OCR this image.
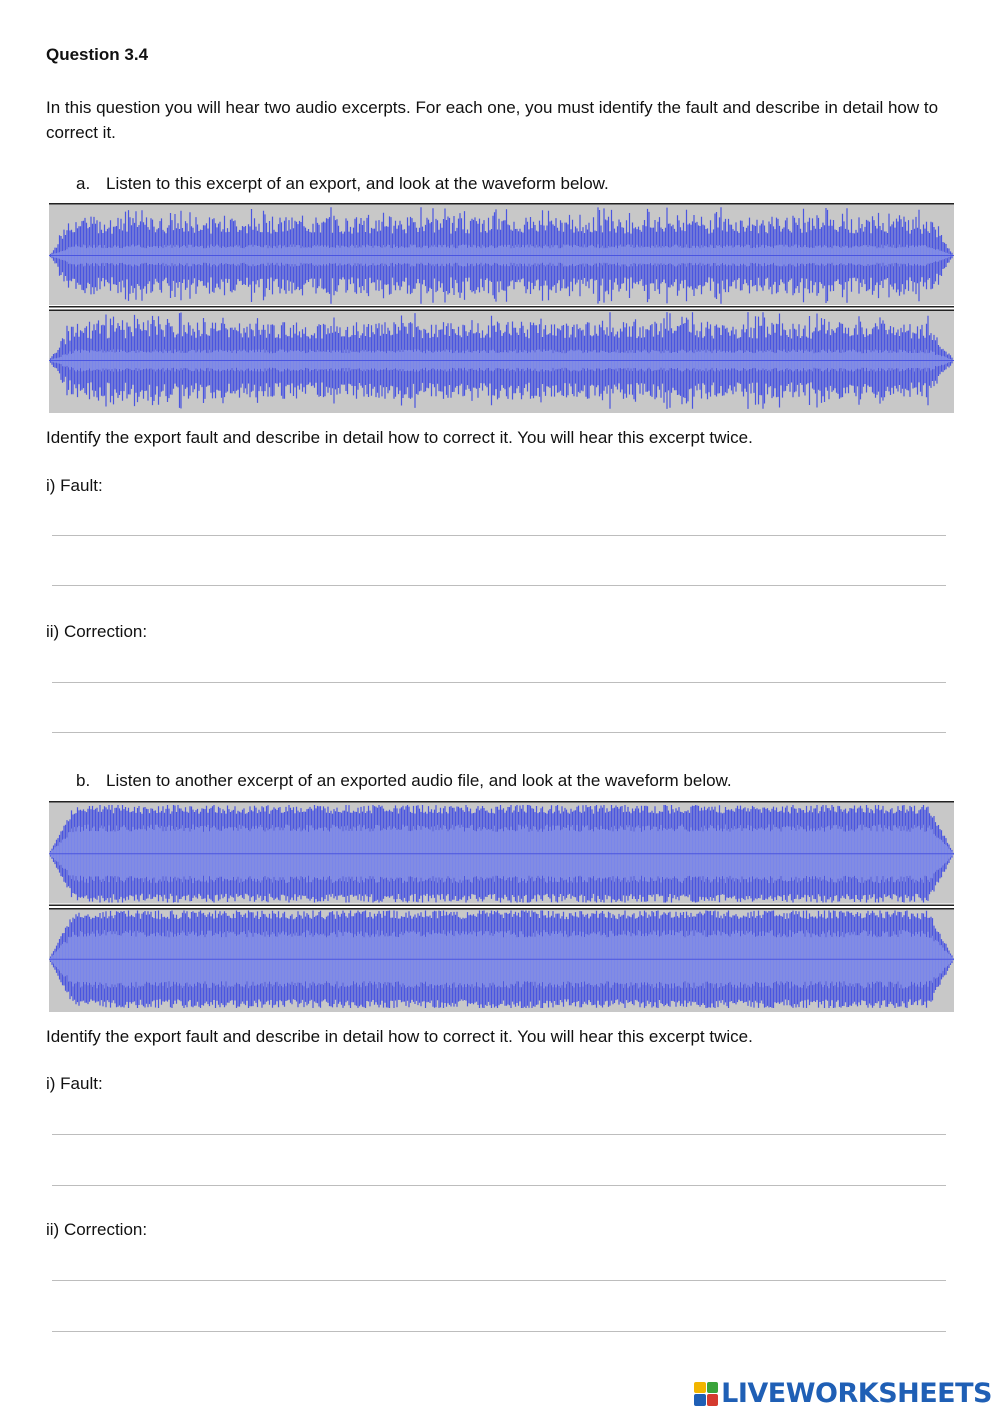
Question 3.4
In this question you will hear two audio excerpts. For each one, you must identify the fault and describe in detail how to correct it.
a. Listen to this excerpt of an export, and look at the waveform below.
Identify the export fault and describe in detail how to correct it. You will hear this excerpt twice.
i) Fault:
ii) Correction:
b. Listen to another excerpt of an exported audio file, and look at the waveform below.
Identify the export fault and describe in detail how to correct it. You will hear this excerpt twice.
i) Fault:
ii) Correction:
LIVEWORKSHEETS
